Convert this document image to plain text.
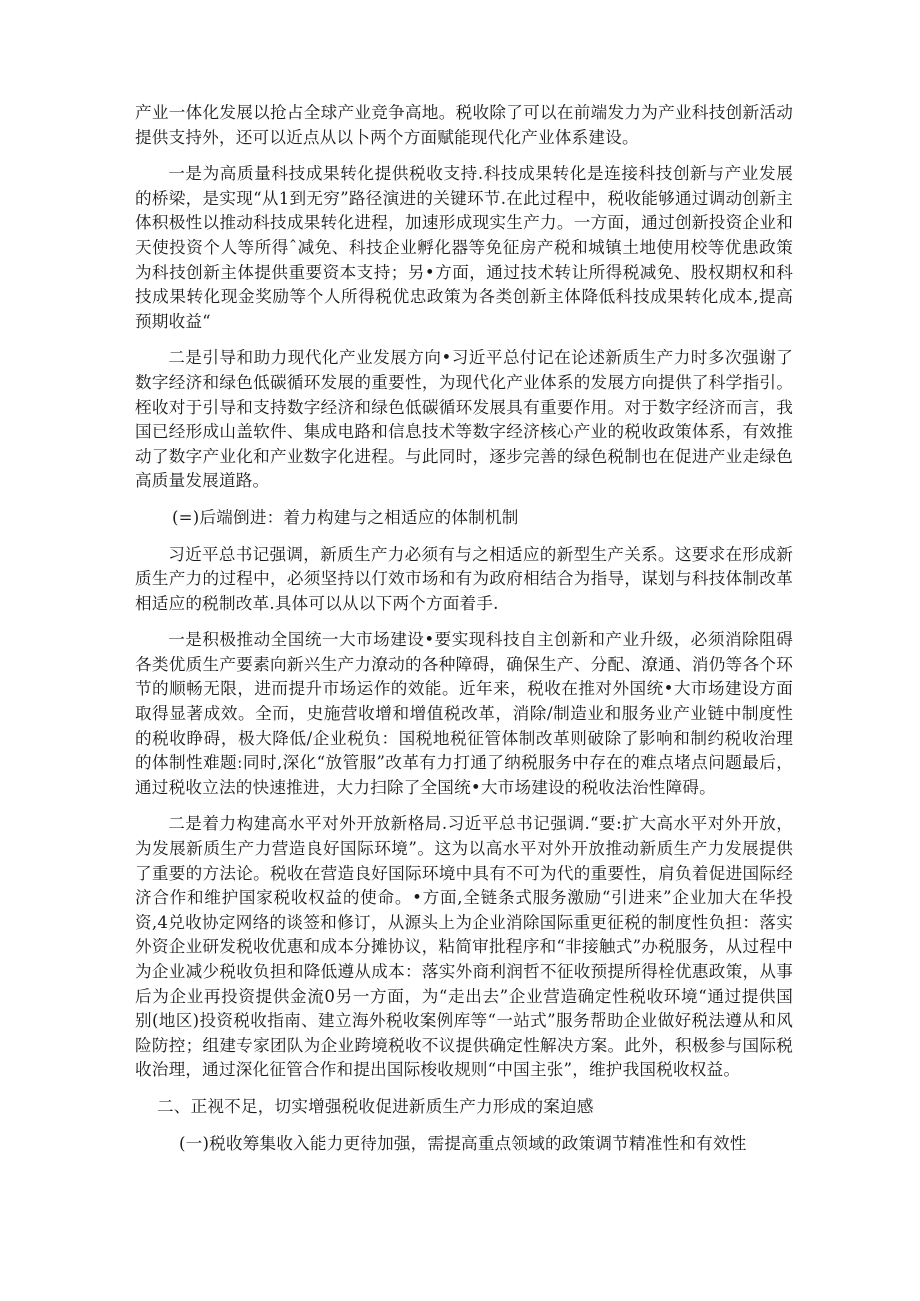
产业一体化发展以抢占全球产业竞争高地。税收除了可以在前端发力为产业科技创新活动提供支持外，还可以近点从以卜两个方面赋能现代化产业体系建设。

一是为高质量科技成果转化提供税收支持.科技成果转化是连接科技创新与产业发展的桥梁，是实现“从1到无穷”路径演进的关键环节.在此过程中，税收能够通过调动创新主体积极性以推动科技成果转化进程，加速形成现实生产力。一方面，通过创新投资企业和天使投资个人等所得ˆ减免、科技企业孵化器等免征房产税和城镇土地使用校等优患政策为科技创新主体提供重要资本支持；另•方面，通过技术转让所得税减免、股权期权和科技成果转化现金奖励等个人所得税优忠政策为各类创新主体降低科技成果转化成本,提高预期收益“

二是引导和助力现代化产业发展方向•习近平总付记在论述新质生产力时多次强谢了数字经济和绿色低碳循环发展的重要性，为现代化产业体系的发展方向提供了科学指引。桎收对于引导和支持数字经济和绿色低碳循环发展具有重要作用。对于数字经济而言，我国已经形成山盖软件、集成电路和信息技术等数字经济核心产业的税收政策体系，有效推动了数字产业化和产业数字化进程。与此同时，逐步完善的绿色税制也在促进产业走绿色高质量发展道路。

(=)后端倒进：着力构建与之相适应的体制机制

习近平总书记强调，新质生产力必须有与之相适应的新型生产关系。这要求在形成新质生产力的过程中，必须坚持以仃效市场和有为政府相结合为指导，谋划与科技体制改革相适应的税制改革.具体可以从以下两个方面着手.

一是积极推动全国统一大市场建设•要实现科技自主创新和产业升级，必须消除阻碍各类优质生产要素向新兴生产力潦动的各种障碍，确保生产、分配、潦通、消仍等各个环节的顺畅无限，进而提升市场运作的效能。近年来，税收在推对外国统•大市场建设方面取得显著成效。全而，史施营收增和增值税改革，消除/制造业和服务业产业链中制度性的税收睁碍，极大降低/企业税负：国税地税征管体制改革则破除了影响和制约税收治理的体制性难题ː同时,深化“放管服”改革有力打通了纳税服务中存在的难点堵点问题最后，通过税收立法的快速推进，大力扫除了全国统•大市场建设的税收法治性障碍。

二是着力构建高水平对外开放新格局.习近平总书记强调.“要:扩大高水平对外开放，为发展新质生产力营造良好国际环境”。这为以高水平对外开放推动新质生产力发展提供了重要的方法论。税收在营造良好国际环境中具有不可为代的重要性，肩负着促进国际经济合作和维护国家税收权益的使命。•方面,全链条式服务激励“引进来”企业加大在华投资,4兑收协定网络的谈签和修订，从源头上为企业消除国际重更征税的制度性负担：落实外资企业研发税收优惠和成本分摊协议，粘简审批程序和“非接触式”办税服务，从过程中为企业减少税收负担和降低遵从成本：落实外商利润哲不征收预提所得栓优惠政策，从事后为企业再投资提供金流0另一方面，为“走出去”企业营造确定性税收环境“通过提供国别(地区)投资税收指南、建立海外税收案例库等“一站式”服务帮助企业做好税法遵从和风险防控；组建专家团队为企业跨境税收不议提供确定性解决方案。此外，积极参与国际税收治理，通过深化征管合作和提出国际梭收规则“中国主张”，维护我国税收权益。

二、正视不足，切实增强税收促进新质生产力形成的案迫感

(一)税收筹集收入能力更待加强，需提高重点领域的政策调节精准性和有效性
